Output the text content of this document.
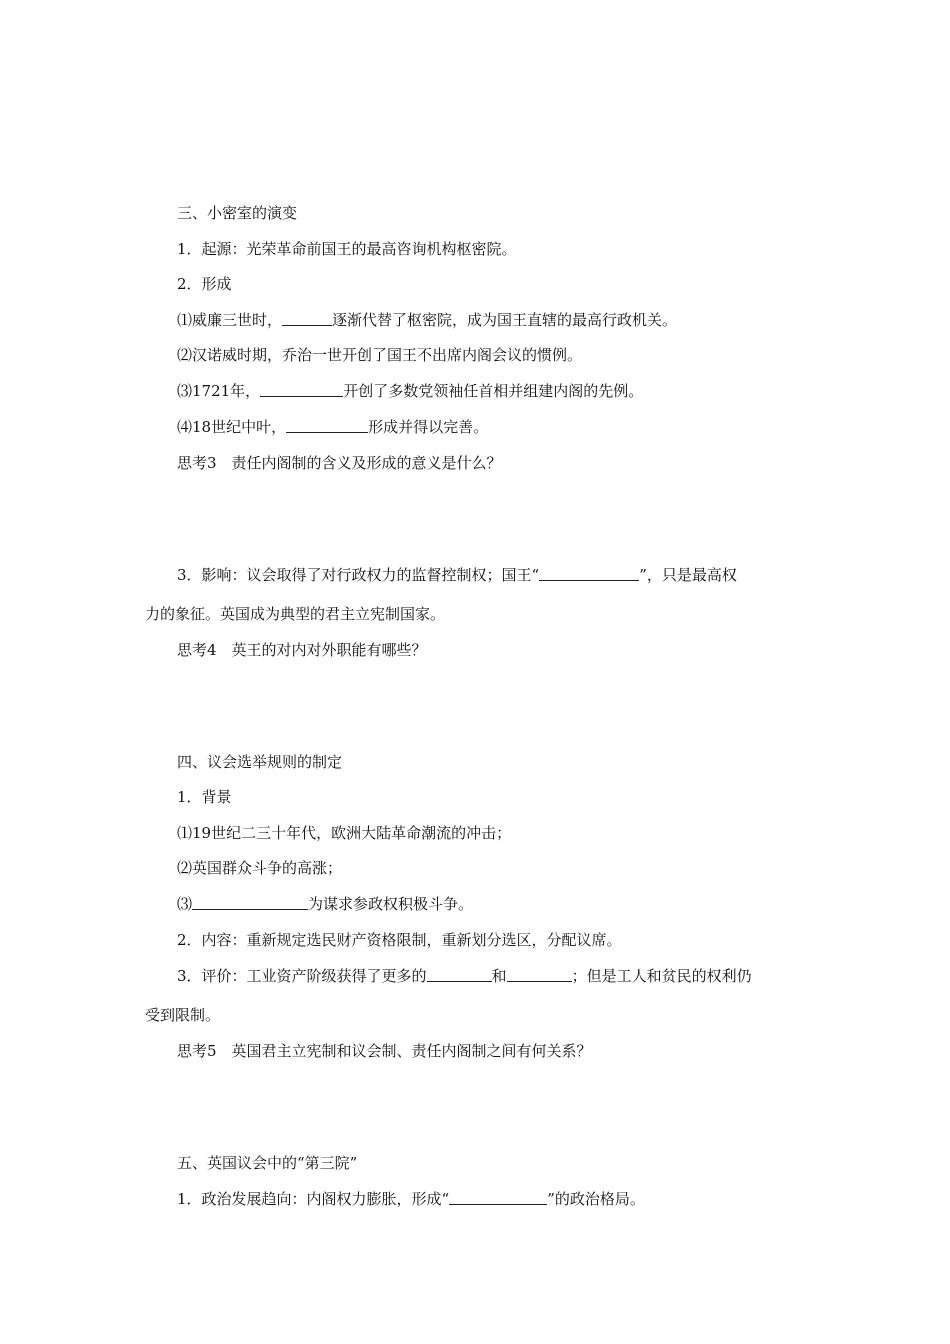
三、小密室的演变

1．起源：光荣革命前国王的最高咨询机构枢密院。

2．形成

⑴威廉三世时，	逐渐代替了枢密院，成为国王直辖的最高行政机关。

⑵汉诺威时期，乔治一世开创了国王不出席内阁会议的惯例。

⑶1721年，	开创了多数党领袖任首相并组建内阁的先例。

⑷18世纪中叶，	形成并得以完善。

思考3 责任内阁制的含义及形成的意义是什么？

3．影响：议会取得了对行政权力的监督控制权；国王“	”，只是最高权

力的象征。英国成为典型的君主立宪制国家。

思考4 英王的对内对外职能有哪些？

四、议会选举规则的制定

1．背景

⑴19世纪二三十年代，欧洲大陆革命潮流的冲击；

⑵英国群众斗争的高涨；

⑶	为谋求参政权积极斗争。

2．内容：重新规定选民财产资格限制，重新划分选区，分配议席。

3．评价：工业资产阶级获得了更多的	和	；但是工人和贫民的权利仍

受到限制。

思考5 英国君主立宪制和议会制、责任内阁制之间有何关系？

五、英国议会中的“第三院”

1．政治发展趋向：内阁权力膨胀，形成“	”的政治格局。
